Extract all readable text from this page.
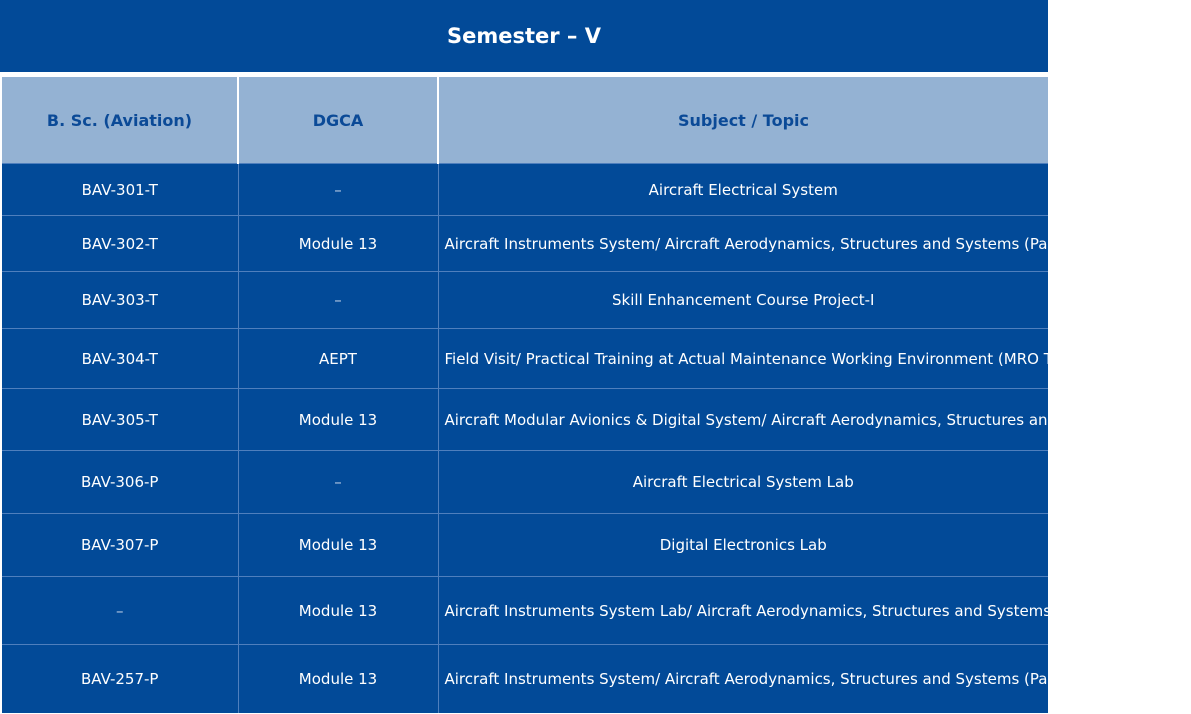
Semester – V
B. Sc. (Aviation)	DGCA	Subject / Topic
BAV-301-T	–	Aircraft Electrical System
BAV-302-T	Module 13	Aircraft Instruments System/ Aircraft Aerodynamics, Structures and Systems (Part-V)
BAV-303-T	–	Skill Enhancement Course Project-I
BAV-304-T	AEPT	Field Visit/ Practical Training at Actual Maintenance Working Environment (MRO Training)
BAV-305-T	Module 13	Aircraft Modular Avionics & Digital System/ Aircraft Aerodynamics, Structures and Systems (Part-VI)
BAV-306-P	–	Aircraft Electrical System Lab
BAV-307-P	Module 13	Digital Electronics Lab
–	Module 13	Aircraft Instruments System Lab/ Aircraft Aerodynamics, Structures and Systems (Part-V)
BAV-257-P	Module 13	Aircraft Instruments System/ Aircraft Aerodynamics, Structures and Systems (Part-IV)
